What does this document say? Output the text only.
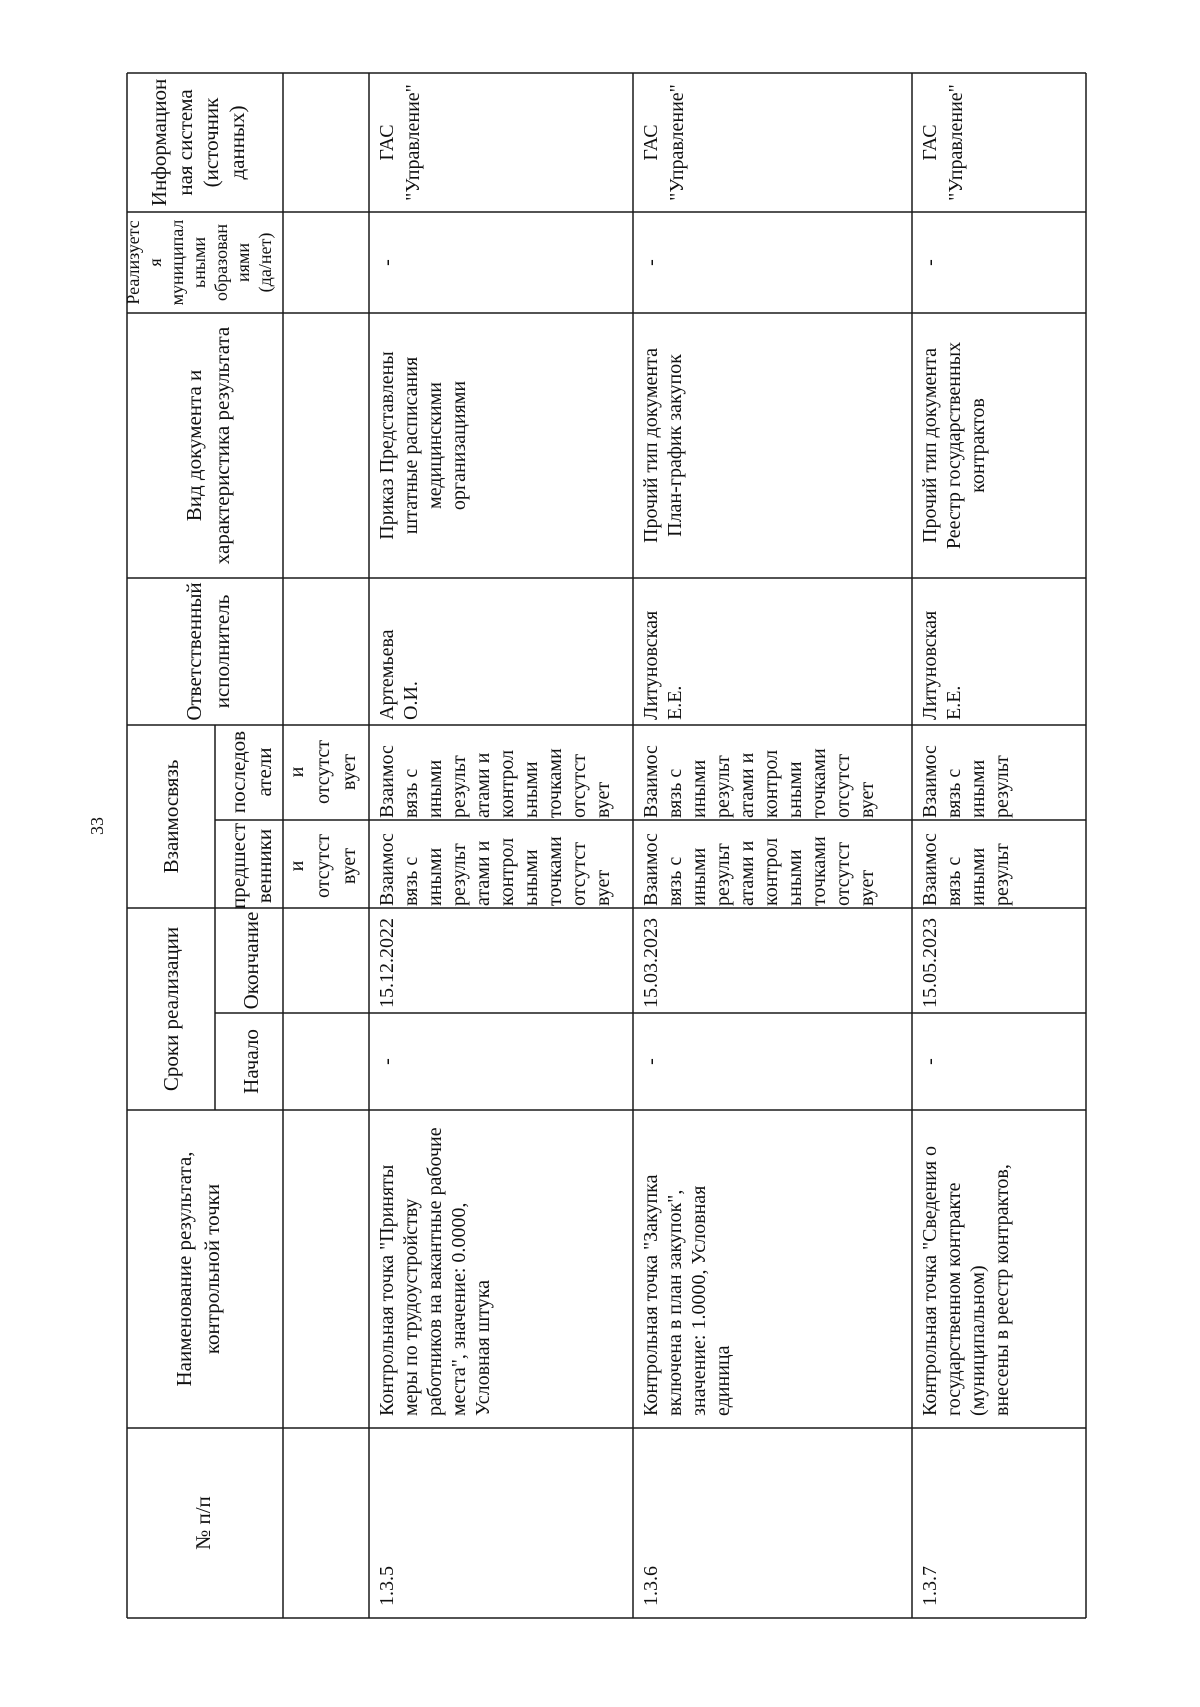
33
№ п/п
Наименование результата, контрольной точки
Сроки реализации	Начало
Окончание
Взаимосвязь предшест венники
последов атели
Ответственный исполнитель
Вид документа и характеристика результата
Реализуетс я муниципал ьными образован иями (да/нет)
Информацион ная система (источник данных)
и отсутст вует
и отсутст вует
1.3.5
Контрольная точка "Приняты меры по трудоустройству работников на вакантные рабочие места", значение: 0.0000, Условная штука
-
15.12.2022
Взаимос вязь с иными результ атами и контрол ьными точками отсутст вует
Взаимос вязь с иными результ атами и контрол ьными точками отсутст вует
Артемьева О.И.
Приказ Представлены штатные расписания медицинскими организациями
-
ГАС "Управление"
1.3.6
Контрольная точка "Закупка включена в план закупок", значение: 1.0000, Условная единица
-
15.03.2023
Взаимос вязь с иными результ атами и контрол ьными точками отсутст вует
Взаимос вязь с иными результ атами и контрол ьными точками отсутст вует
Литуновская Е.Е.
Прочий тип документа План-график закупок
-
ГАС "Управление"
1.3.7
Контрольная точка "Сведения о государственном контракте (муниципальном) внесены в реестр контрактов,
-
15.05.2023
Взаимос вязь с иными результ
Взаимос вязь с иными результ
Литуновская Е.Е.
Прочий тип документа Реестр государственных контрактов
-
ГАС "Управление"
